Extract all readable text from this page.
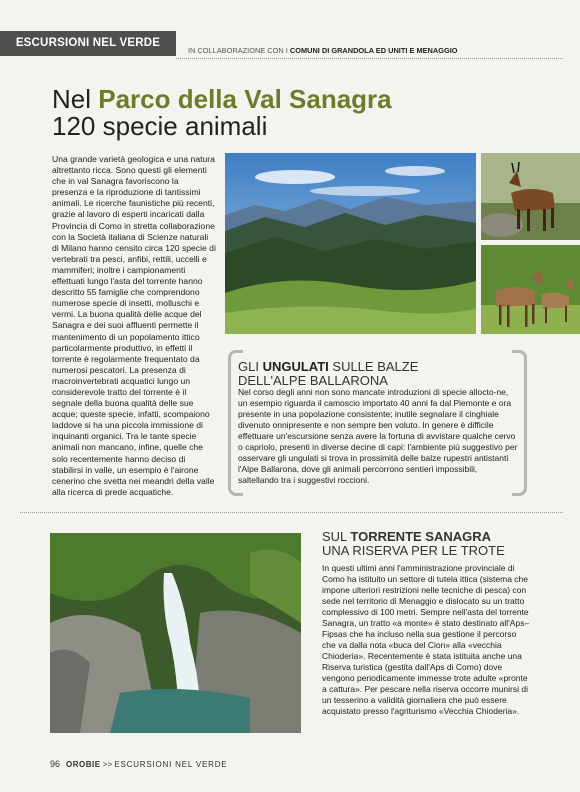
ESCURSIONI NEL VERDE
IN COLLABORAZIONE CON I COMUNI DI GRANDOLA ED UNITI E MENAGGIO
Nel Parco della Val Sanagra
120 specie animali

Una grande varietà geologica e una natura altrettanto ricca. Sono questi gli elementi che in val Sanagra favoriscono la presenza e la riproduzione di tantissimi animali. Le ricerche faunistiche più recenti, grazie al lavoro di esperti incaricati dalla Provincia di Como in stretta collaborazione con la Società italiana di Scienze naturali di Milano hanno censito circa 120 specie di vertebrati tra pesci, anfibi, rettili, uccelli e mammiferi; inoltre i campionamenti effettuati lungo l'asta del torrente hanno descritto 55 famiglie che comprendono numerose specie di insetti, molluschi e vermi. La buona qualità delle acque del Sanagra e dei suoi affluenti permette il mantenimento di un popolamento ittico particolarmente produttivo, in effetti il torrente è regolarmente frequentato da numerosi pescatori. La presenza di macroinvertebrati acquatici lungo un considerevole tratto del torrente è il segnale della buona qualità delle sue acque; queste specie, infatti, scompaiono laddove si ha una piccola immissione di inquinanti organici. Tra le tante specie animali non mancano, infine, quelle che solo recentemente hanno deciso di stabilirsi in valle, un esempio è l'airone cenerino che svetta nei meandri della valle alla ricerca di prede acquatiche.

GLI UNGULATI SULLE BALZE
DELL'ALPE BALLARONA

Nel corso degli anni non sono mancate introduzioni di specie allocto-ne, un esempio riguarda il camoscio importato 40 anni fa dal Piemonte e ora presente in una popolazione consistente; inutile segnalare il cinghiale divenuto onnipresente e non sempre ben voluto. In genere è difficile effettuare un'escursione senza avere la fortuna di avvistare qualche cervo o capriolo, presenti in diverse decine di capi: l'ambiente più suggestivo per osservare gli ungulati si trova in prossimità delle balze rupestri antistanti l'Alpe Ballarona, dove gli animali percorrono sentieri impossibili, saltellando tra i suggestivi roccioni.

SUL TORRENTE SANAGRA
UNA RISERVA PER LE TROTE

In questi ultimi anni l'amministrazione provinciale di Como ha istituito un settore di tutela ittica (sistema che impone ulteriori restrizioni nelle tecniche di pesca) con sede nel territorio di Menaggio e dislocato su un tratto complessivo di 100 metri. Sempre nell'asta del torrente Sanagra, un tratto «a monte» è stato destinato all'Aps–Fipsas che ha incluso nella sua gestione il percorso che va dalla nota «buca del Cion» alla «vecchia Chioderia». Recentemente è stata istituita anche una Riserva turistica (gestita dall'Aps di Como) dove vengono periodicamente immesse trote adulte «pronte a cattura». Per pescare nella riserva occorre munirsi di un tesserino a validità giornaliera che può essere acquistato presso l'agriturismo «Vecchia Chioderia».

96 OROBIE >> ESCURSIONI NEL VERDE
